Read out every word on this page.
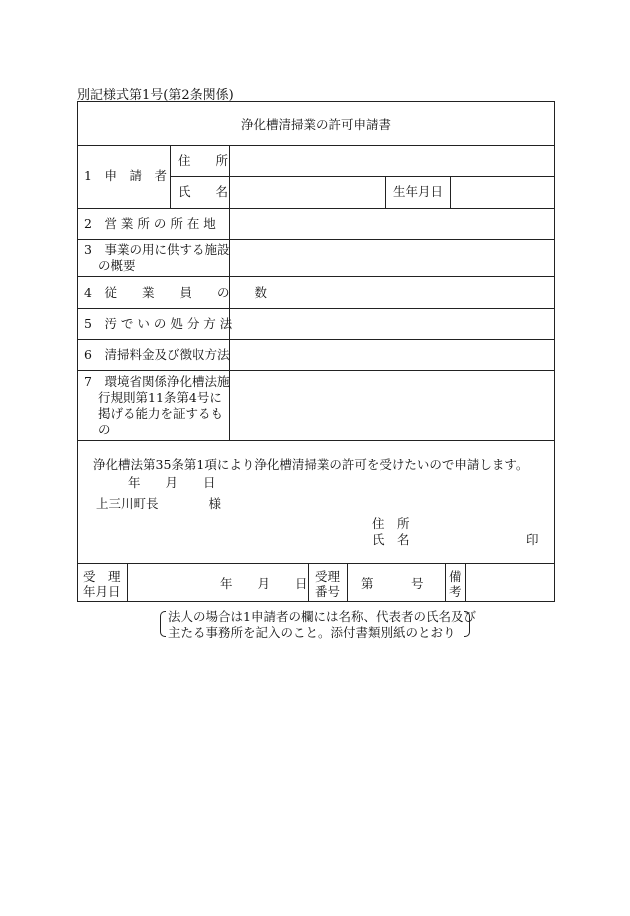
別記様式第1号(第2条関係)
浄化槽清掃業の許可申請書
1　申　請　者
住　　所
氏　　名	生年月日
2　営 業 所 の 所 在 地
3　事業の用に供する施設
の概要
4　従　　業　　員　　の　　数
5　汚 で い の 処 分 方 法
6　清掃料金及び徴収方法
7　環境省関係浄化槽法施
行規則第11条第4号に
掲げる能力を証するも
の
浄化槽法第35条第1項により浄化槽清掃業の許可を受けたいので申請します。
年　　月　　日
上三川町長　　　　様
住　所
氏　名	印
受　理
年月日
年　　月　　日 受理
番号
第　　　号 備
考
法人の場合は1申請者の欄には名称、代表者の氏名及び
主たる事務所を記入のこと。添付書類別紙のとおり
